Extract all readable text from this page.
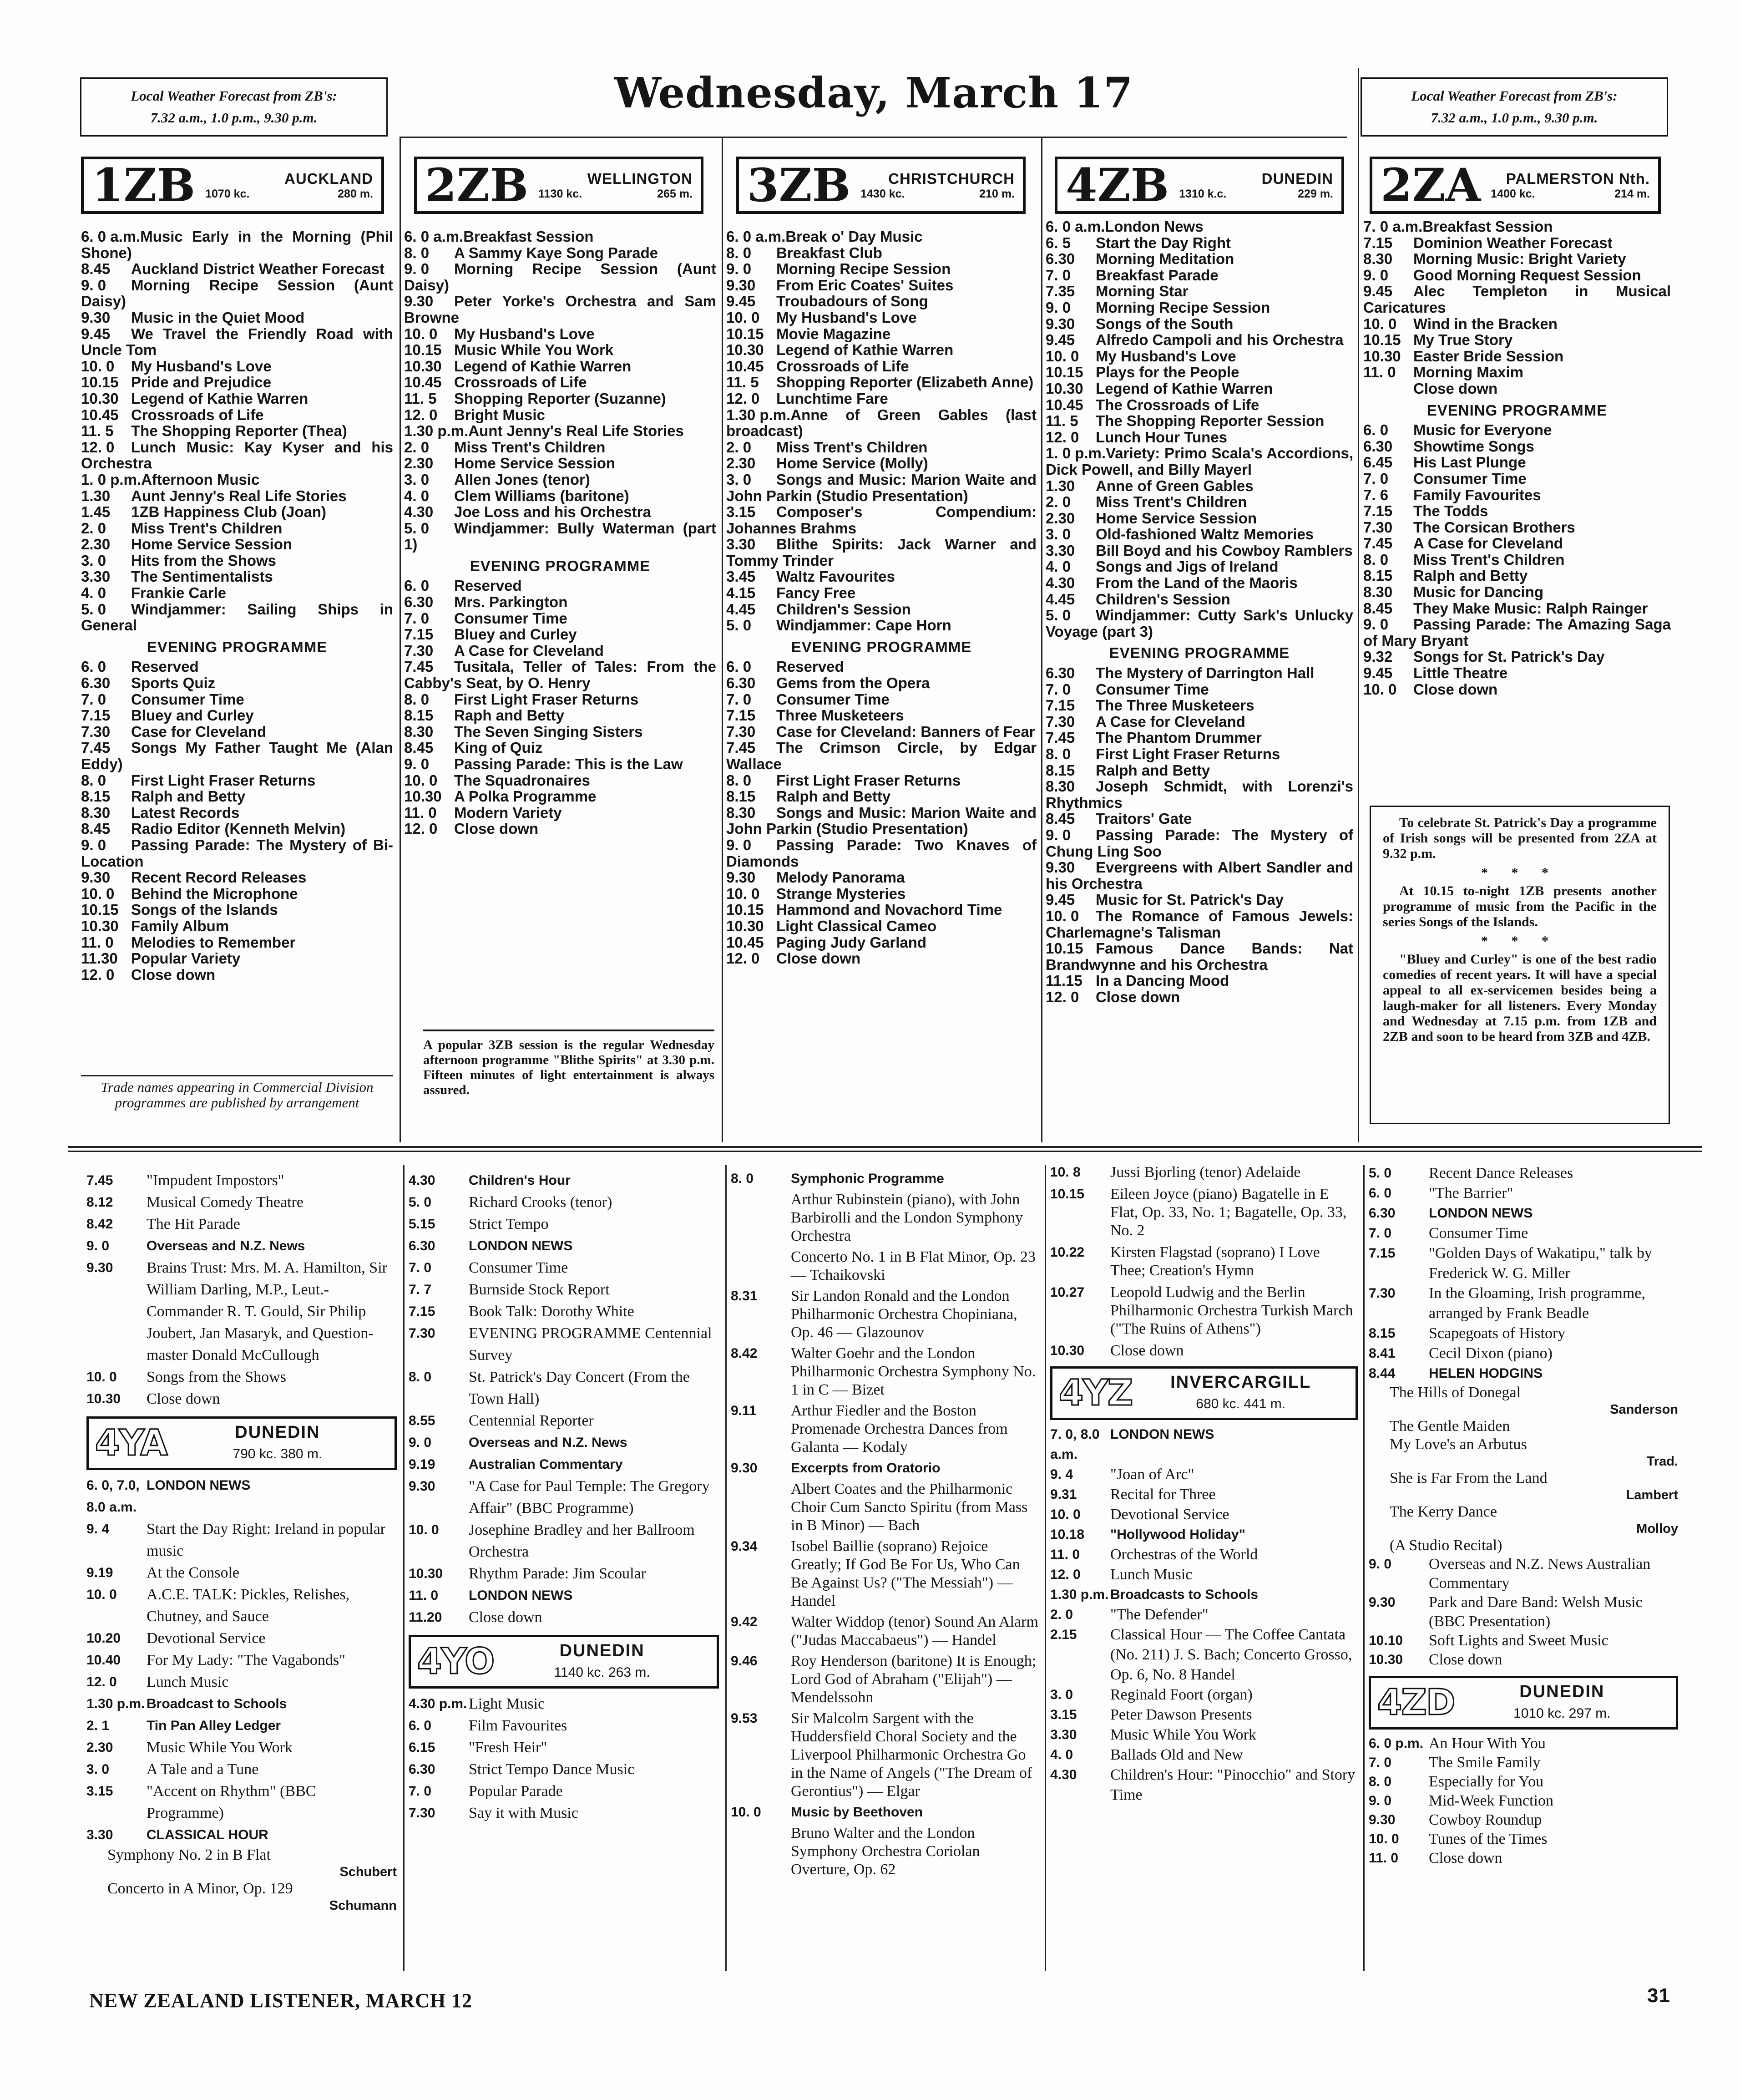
Local Weather Forecast from ZB's:
7.32 a.m., 1.0 p.m., 9.30 p.m.
Local Weather Forecast from ZB's:
7.32 a.m., 1.0 p.m., 9.30 p.m.
Wednesday, March 17
1ZB	AUCKLAND
1070 kc.	280 m. 2ZB	WELLINGTON
1130 kc.	265 m. 3ZB	CHRISTCHURCH
1430 kc.	210 m. 4ZB	DUNEDIN
1310 k.c.	229 m. 2ZA	PALMERSTON Nth.
1400 kc.	214 m.
6. 0 a.m.Music Early in the Morning (Phil Shone)
8.45 Auckland District Weather Forecast
9. 0 Morning Recipe Session (Aunt Daisy)
9.30 Music in the Quiet Mood
9.45 We Travel the Friendly Road with Uncle Tom
10. 0 My Husband's Love
10.15 Pride and Prejudice
10.30 Legend of Kathie Warren
10.45 Crossroads of Life
11. 5 The Shopping Reporter (Thea)
12. 0 Lunch Music: Kay Kyser and his Orchestra
1. 0 p.m.Afternoon Music
1.30 Aunt Jenny's Real Life Stories
1.45 1ZB Happiness Club (Joan)
2. 0 Miss Trent's Children
2.30 Home Service Session
3. 0 Hits from the Shows
3.30 The Sentimentalists
4. 0 Frankie Carle
5. 0 Windjammer: Sailing Ships in General
EVENING PROGRAMME
6. 0 Reserved
6.30 Sports Quiz
7. 0 Consumer Time
7.15 Bluey and Curley
7.30 Case for Cleveland
7.45 Songs My Father Taught Me (Alan Eddy)
8. 0 First Light Fraser Returns
8.15 Ralph and Betty
8.30 Latest Records
8.45 Radio Editor (Kenneth Melvin)
9. 0 Passing Parade: The Mystery of Bi-Location
9.30 Recent Record Releases
10. 0 Behind the Microphone
10.15 Songs of the Islands
10.30 Family Album
11. 0 Melodies to Remember
11.30 Popular Variety
12. 0 Close down
6. 0 a.m.Breakfast Session
8. 0 A Sammy Kaye Song Parade
9. 0 Morning Recipe Session (Aunt Daisy)
9.30 Peter Yorke's Orchestra and Sam Browne
10. 0 My Husband's Love
10.15 Music While You Work
10.30 Legend of Kathie Warren
10.45 Crossroads of Life
11. 5 Shopping Reporter (Suzanne)
12. 0 Bright Music
1.30 p.m.Aunt Jenny's Real Life Stories
2. 0 Miss Trent's Children
2.30 Home Service Session
3. 0 Allen Jones (tenor)
4. 0 Clem Williams (baritone)
4.30 Joe Loss and his Orchestra
5. 0 Windjammer: Bully Waterman (part 1)
EVENING PROGRAMME
6. 0 Reserved
6.30 Mrs. Parkington
7. 0 Consumer Time
7.15 Bluey and Curley
7.30 A Case for Cleveland
7.45 Tusitala, Teller of Tales: From the Cabby's Seat, by O. Henry
8. 0 First Light Fraser Returns
8.15 Raph and Betty
8.30 The Seven Singing Sisters
8.45 King of Quiz
9. 0 Passing Parade: This is the Law
10. 0 The Squadronaires
10.30 A Polka Programme
11. 0 Modern Variety
12. 0 Close down
6. 0 a.m.Break o' Day Music
8. 0 Breakfast Club
9. 0 Morning Recipe Session
9.30 From Eric Coates' Suites
9.45 Troubadours of Song
10. 0 My Husband's Love
10.15 Movie Magazine
10.30 Legend of Kathie Warren
10.45 Crossroads of Life
11. 5 Shopping Reporter (Elizabeth Anne)
12. 0 Lunchtime Fare
1.30 p.m.Anne of Green Gables (last broadcast)
2. 0 Miss Trent's Children
2.30 Home Service (Molly)
3. 0 Songs and Music: Marion Waite and John Parkin (Studio Presentation)
3.15 Composer's Compendium: Johannes Brahms
3.30 Blithe Spirits: Jack Warner and Tommy Trinder
3.45 Waltz Favourites
4.15 Fancy Free
4.45 Children's Session
5. 0 Windjammer: Cape Horn
EVENING PROGRAMME
6. 0 Reserved
6.30 Gems from the Opera
7. 0 Consumer Time
7.15 Three Musketeers
7.30 Case for Cleveland: Banners of Fear
7.45 The Crimson Circle, by Edgar Wallace
8. 0 First Light Fraser Returns
8.15 Ralph and Betty
8.30 Songs and Music: Marion Waite and John Parkin (Studio Presentation)
9. 0 Passing Parade: Two Knaves of Diamonds
9.30 Melody Panorama
10. 0 Strange Mysteries
10.15 Hammond and Novachord Time
10.30 Light Classical Cameo
10.45 Paging Judy Garland
12. 0 Close down
6. 0 a.m.London News
6. 5 Start the Day Right
6.30 Morning Meditation
7. 0 Breakfast Parade
7.35 Morning Star
9. 0 Morning Recipe Session
9.30 Songs of the South
9.45 Alfredo Campoli and his Orchestra
10. 0 My Husband's Love
10.15 Plays for the People
10.30 Legend of Kathie Warren
10.45 The Crossroads of Life
11. 5 The Shopping Reporter Session
12. 0 Lunch Hour Tunes
1. 0 p.m.Variety: Primo Scala's Accordions, Dick Powell, and Billy Mayerl
1.30 Anne of Green Gables
2. 0 Miss Trent's Children
2.30 Home Service Session
3. 0 Old-fashioned Waltz Memories
3.30 Bill Boyd and his Cowboy Ramblers
4. 0 Songs and Jigs of Ireland
4.30 From the Land of the Maoris
4.45 Children's Session
5. 0 Windjammer: Cutty Sark's Unlucky Voyage (part 3)
EVENING PROGRAMME
6.30 The Mystery of Darrington Hall
7. 0 Consumer Time
7.15 The Three Musketeers
7.30 A Case for Cleveland
7.45 The Phantom Drummer
8. 0 First Light Fraser Returns
8.15 Ralph and Betty
8.30 Joseph Schmidt, with Lorenzi's Rhythmics
8.45 Traitors' Gate
9. 0 Passing Parade: The Mystery of Chung Ling Soo
9.30 Evergreens with Albert Sandler and his Orchestra
9.45 Music for St. Patrick's Day
10. 0 The Romance of Famous Jewels: Charlemagne's Talisman
10.15 Famous Dance Bands: Nat Brandwynne and his Orchestra
11.15 In a Dancing Mood
12. 0 Close down
7. 0 a.m.Breakfast Session
7.15 Dominion Weather Forecast
8.30 Morning Music: Bright Variety
9. 0 Good Morning Request Session
9.45 Alec Templeton in Musical Caricatures
10. 0 Wind in the Bracken
10.15 My True Story
10.30 Easter Bride Session
11. 0 Morning Maxim
Close down
EVENING PROGRAMME
6. 0 Music for Everyone
6.30 Showtime Songs
6.45 His Last Plunge
7. 0 Consumer Time
7. 6 Family Favourites
7.15 The Todds
7.30 The Corsican Brothers
7.45 A Case for Cleveland
8. 0 Miss Trent's Children
8.15 Ralph and Betty
8.30 Music for Dancing
8.45 They Make Music: Ralph Rainger
9. 0 Passing Parade: The Amazing Saga of Mary Bryant
9.32 Songs for St. Patrick's Day
9.45 Little Theatre
10. 0 Close down
Trade names appearing in Commercial Division programmes are published by arrangement
A popular 3ZB session is the regular Wednesday afternoon programme "Blithe Spirits" at 3.30 p.m. Fifteen minutes of light entertainment is always assured.

To celebrate St. Patrick's Day a programme of Irish songs will be presented from 2ZA at 9.32 p.m.

* * *

At 10.15 to-night 1ZB presents another programme of music from the Pacific in the series Songs of the Islands.

* * *

"Bluey and Curley" is one of the best radio comedies of recent years. It will have a special appeal to all ex-servicemen besides being a laugh-maker for all listeners. Every Monday and Wednesday at 7.15 p.m. from 1ZB and 2ZB and soon to be heard from 3ZB and 4ZB.

7.45	"Impudent Impostors"
8.12	Musical Comedy Theatre
8.42	The Hit Parade
9. 0	Overseas and N.Z. News
9.30	Brains Trust: Mrs. M. A. Hamilton, Sir William Darling, M.P., Leut.-Commander R. T. Gould, Sir Philip Joubert, Jan Masaryk, and Question-master Donald McCullough
10. 0	Songs from the Shows
10.30	Close down
4YA	DUNEDIN
790 kc. 380 m.
6. 0, 7.0, 8.0 a.m.
LONDON NEWS
9. 4	Start the Day Right: Ireland in popular music
9.19	At the Console
10. 0	A.C.E. TALK: Pickles, Relishes, Chutney, and Sauce
10.20	Devotional Service
10.40	For My Lady: "The Vagabonds"
12. 0	Lunch Music
1.30 p.m. Broadcast to Schools
2. 1	Tin Pan Alley Ledger
2.30	Music While You Work
3. 0	A Tale and a Tune
3.15	"Accent on Rhythm" (BBC Programme)
3.30	CLASSICAL HOUR
Symphony No. 2 in B Flat
Schubert
Concerto in A Minor, Op. 129
Schumann
4.30	Children's Hour
5. 0	Richard Crooks (tenor)
5.15	Strict Tempo
6.30	LONDON NEWS
7. 0	Consumer Time
7. 7	Burnside Stock Report
7.15	Book Talk: Dorothy White
7.30	EVENING PROGRAMME Centennial Survey
8. 0	St. Patrick's Day Concert (From the Town Hall)
8.55	Centennial Reporter
9. 0	Overseas and N.Z. News
9.19	Australian Commentary
9.30	"A Case for Paul Temple: The Gregory Affair" (BBC Programme)
10. 0	Josephine Bradley and her Ballroom Orchestra
10.30	Rhythm Parade: Jim Scoular
11. 0	LONDON NEWS
11.20	Close down
4YO	DUNEDIN
1140 kc. 263 m.
4.30 p.m. Light Music
6. 0	Film Favourites
6.15	"Fresh Heir"
6.30	Strict Tempo Dance Music
7. 0	Popular Parade
7.30	Say it with Music
8. 0	Symphonic Programme
Arthur Rubinstein (piano), with John Barbirolli and the London Symphony Orchestra
Concerto No. 1 in B Flat Minor, Op. 23 — Tchaikovski
8.31	Sir Landon Ronald and the London Philharmonic Orchestra Chopiniana, Op. 46 — Glazounov
8.42	Walter Goehr and the London Philharmonic Orchestra Symphony No. 1 in C — Bizet
9.11	Arthur Fiedler and the Boston Promenade Orchestra Dances from Galanta — Kodaly
9.30	Excerpts from Oratorio
Albert Coates and the Philharmonic Choir Cum Sancto Spiritu (from Mass in B Minor) — Bach
9.34	Isobel Baillie (soprano) Rejoice Greatly; If God Be For Us, Who Can Be Against Us? ("The Messiah") — Handel
9.42	Walter Widdop (tenor) Sound An Alarm ("Judas Maccabaeus") — Handel
9.46	Roy Henderson (baritone) It is Enough; Lord God of Abraham ("Elijah") — Mendelssohn
9.53	Sir Malcolm Sargent with the Huddersfield Choral Society and the Liverpool Philharmonic Orchestra Go in the Name of Angels ("The Dream of Gerontius") — Elgar
10. 0	Music by Beethoven
Bruno Walter and the London Symphony Orchestra Coriolan Overture, Op. 62
10. 8	Jussi Bjorling (tenor) Adelaide
10.15	Eileen Joyce (piano) Bagatelle in E Flat, Op. 33, No. 1; Bagatelle, Op. 33, No. 2
10.22	Kirsten Flagstad (soprano) I Love Thee; Creation's Hymn
10.27	Leopold Ludwig and the Berlin Philharmonic Orchestra Turkish March ("The Ruins of Athens")
10.30	Close down
4YZ	INVERCARGILL
680 kc. 441 m.
7. 0, 8.0 a.m.
LONDON NEWS
9. 4	"Joan of Arc"
9.31	Recital for Three
10. 0	Devotional Service
10.18	"Hollywood Holiday"
11. 0	Orchestras of the World
12. 0	Lunch Music
1.30 p.m. Broadcasts to Schools
2. 0	"The Defender"
2.15	Classical Hour — The Coffee Cantata (No. 211) J. S. Bach; Concerto Grosso, Op. 6, No. 8 Handel
3. 0	Reginald Foort (organ)
3.15	Peter Dawson Presents
3.30	Music While You Work
4. 0	Ballads Old and New
4.30	Children's Hour: "Pinocchio" and Story Time
5. 0	Recent Dance Releases
6. 0	"The Barrier"
6.30	LONDON NEWS
7. 0	Consumer Time
7.15	"Golden Days of Wakatipu," talk by Frederick W. G. Miller
7.30	In the Gloaming, Irish programme, arranged by Frank Beadle
8.15	Scapegoats of History
8.41	Cecil Dixon (piano)
8.44	HELEN HODGINS
The Hills of Donegal
Sanderson
The Gentle Maiden
My Love's an Arbutus
Trad.
She is Far From the Land
Lambert
The Kerry Dance
Molloy
(A Studio Recital)
9. 0	Overseas and N.Z. News Australian Commentary
9.30	Park and Dare Band: Welsh Music (BBC Presentation)
10.10	Soft Lights and Sweet Music
10.30	Close down
4ZD	DUNEDIN
1010 kc. 297 m.
6. 0 p.m. An Hour With You
7. 0	The Smile Family
8. 0	Especially for You
9. 0	Mid-Week Function
9.30	Cowboy Roundup
10. 0	Tunes of the Times
11. 0	Close down
NEW ZEALAND LISTENER, MARCH 12	31
